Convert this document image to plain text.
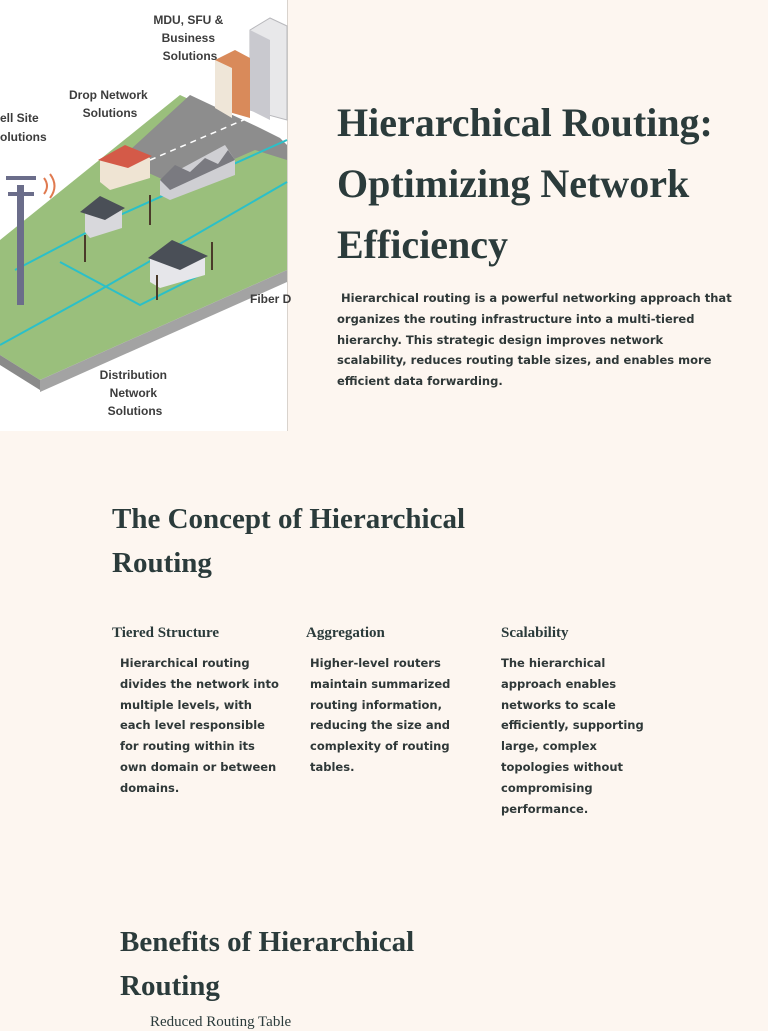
MDU, SFU & Business Solutions
Drop Network Solutions
ell Site olutions
Fiber D
Distribution Network Solutions
Hierarchical Routing: Optimizing Network Efficiency

Hierarchical routing is a powerful networking approach that organizes the routing infrastructure into a multi-tiered hierarchy. This strategic design improves network scalability, reduces routing table sizes, and enables more efficient data forwarding.

The Concept of Hierarchical Routing
Tiered Structure

Hierarchical routing divides the network into multiple levels, with each level responsible for routing within its own domain or between domains.

Aggregation

Higher-level routers maintain summarized routing information, reducing the size and complexity of routing tables.

Scalability

The hierarchical approach enables networks to scale efficiently, supporting large, complex topologies without compromising performance.

Benefits of Hierarchical Routing

Reduced Routing Table
